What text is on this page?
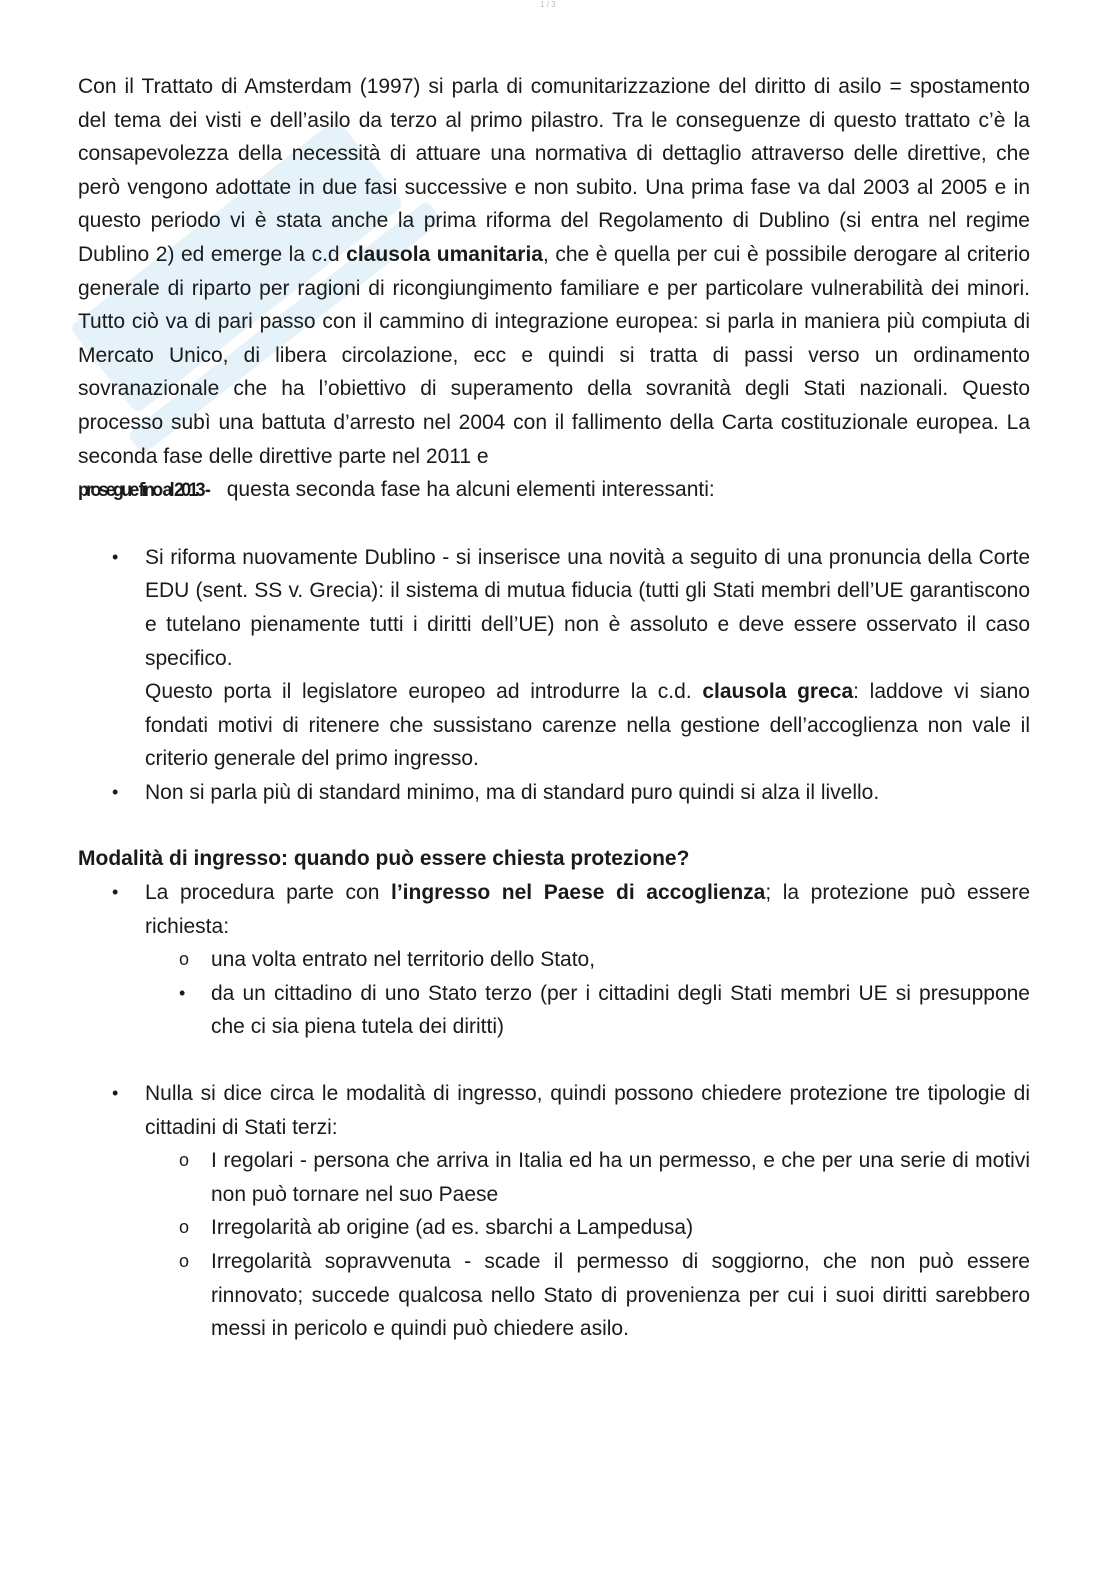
1 / 3

Con il Trattato di Amsterdam (1997) si parla di comunitarizzazione del diritto di asilo = spostamento del tema dei visti e dell’asilo da terzo al primo pilastro. Tra le conseguenze di questo trattato c’è la consapevolezza della necessità di attuare una normativa di dettaglio attraverso delle direttive, che però vengono adottate in due fasi successive e non subito. Una prima fase va dal 2003 al 2005 e in questo periodo vi è stata anche la prima riforma del Regolamento di Dublino (si entra nel regime Dublino 2) ed emerge la c.d clausola umanitaria, che è quella per cui è possibile derogare al criterio generale di riparto per ragioni di ricongiungimento familiare e per particolare vulnerabilità dei minori. Tutto ciò va di pari passo con il cammino di integrazione europea: si parla in maniera più compiuta di Mercato Unico, di libera circolazione, ecc e quindi si tratta di passi verso un ordinamento sovranazionale che ha l’obiettivo di superamento della sovranità degli Stati nazionali. Questo processo subì una battuta d’arresto nel 2004 con il fallimento della Carta costituzionale europea. La seconda fase delle direttive parte nel 2011 e
prosegue fino al 2013 - questa seconda fase ha alcuni elementi interessanti:

• Si riforma nuovamente Dublino - si inserisce una novità a seguito di una pronuncia della Corte EDU (sent. SS v. Grecia): il sistema di mutua fiducia (tutti gli Stati membri dell’UE garantiscono e tutelano pienamente tutti i diritti dell’UE) non è assoluto e deve essere osservato il caso specifico.
Questo porta il legislatore europeo ad introdurre la c.d. clausola greca: laddove vi siano fondati motivi di ritenere che sussistano carenze nella gestione dell’accoglienza non vale il criterio generale del primo ingresso.
• Non si parla più di standard minimo, ma di standard puro quindi si alza il livello.

Modalità di ingresso: quando può essere chiesta protezione?

• La procedura parte con l’ingresso nel Paese di accoglienza; la protezione può essere richiesta:
o una volta entrato nel territorio dello Stato,
• da un cittadino di uno Stato terzo (per i cittadini degli Stati membri UE si presuppone che ci sia piena tutela dei diritti)
• Nulla si dice circa le modalità di ingresso, quindi possono chiedere protezione tre tipologie di cittadini di Stati terzi:
o I regolari - persona che arriva in Italia ed ha un permesso, e che per una serie di motivi non può tornare nel suo Paese
o Irregolarità ab origine (ad es. sbarchi a Lampedusa)
o Irregolarità sopravvenuta - scade il permesso di soggiorno, che non può essere rinnovato; succede qualcosa nello Stato di provenienza per cui i suoi diritti sarebbero messi in pericolo e quindi può chiedere asilo.
